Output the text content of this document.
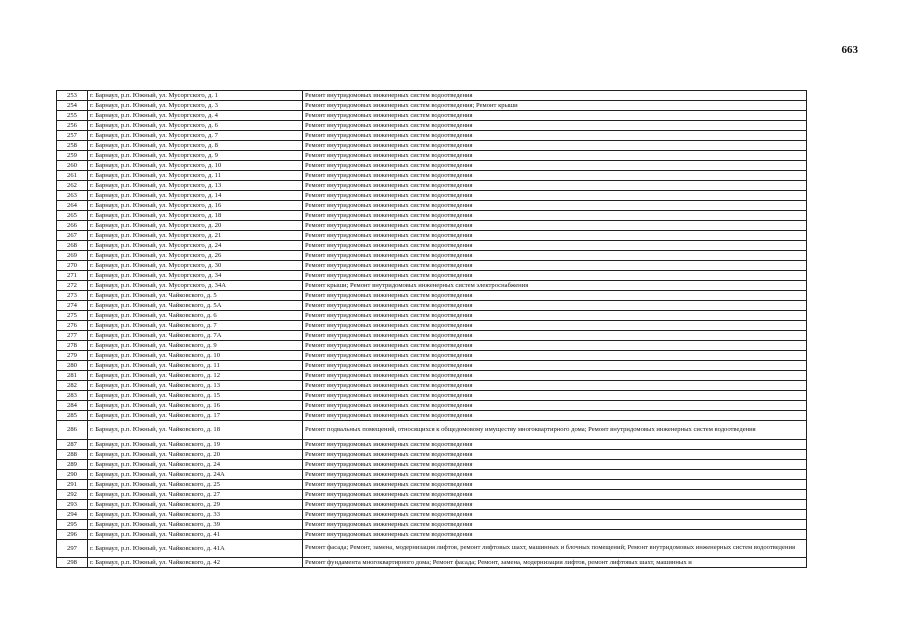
663
253	г. Барнаул, р.п. Южный, ул. Мусоргского, д. 1	Ремонт внутридомовых инженерных систем водоотведения
254	г. Барнаул, р.п. Южный, ул. Мусоргского, д. 3	Ремонт внутридомовых инженерных систем водоотведения; Ремонт крыши
255	г. Барнаул, р.п. Южный, ул. Мусоргского, д. 4	Ремонт внутридомовых инженерных систем водоотведения
256	г. Барнаул, р.п. Южный, ул. Мусоргского, д. 6	Ремонт внутридомовых инженерных систем водоотведения
257	г. Барнаул, р.п. Южный, ул. Мусоргского, д. 7	Ремонт внутридомовых инженерных систем водоотведения
258	г. Барнаул, р.п. Южный, ул. Мусоргского, д. 8	Ремонт внутридомовых инженерных систем водоотведения
259	г. Барнаул, р.п. Южный, ул. Мусоргского, д. 9	Ремонт внутридомовых инженерных систем водоотведения
260	г. Барнаул, р.п. Южный, ул. Мусоргского, д. 10	Ремонт внутридомовых инженерных систем водоотведения
261	г. Барнаул, р.п. Южный, ул. Мусоргского, д. 11	Ремонт внутридомовых инженерных систем водоотведения
262	г. Барнаул, р.п. Южный, ул. Мусоргского, д. 13	Ремонт внутридомовых инженерных систем водоотведения
263	г. Барнаул, р.п. Южный, ул. Мусоргского, д. 14	Ремонт внутридомовых инженерных систем водоотведения
264	г. Барнаул, р.п. Южный, ул. Мусоргского, д. 16	Ремонт внутридомовых инженерных систем водоотведения
265	г. Барнаул, р.п. Южный, ул. Мусоргского, д. 18	Ремонт внутридомовых инженерных систем водоотведения
266	г. Барнаул, р.п. Южный, ул. Мусоргского, д. 20	Ремонт внутридомовых инженерных систем водоотведения
267	г. Барнаул, р.п. Южный, ул. Мусоргского, д. 21	Ремонт внутридомовых инженерных систем водоотведения
268	г. Барнаул, р.п. Южный, ул. Мусоргского, д. 24	Ремонт внутридомовых инженерных систем водоотведения
269	г. Барнаул, р.п. Южный, ул. Мусоргского, д. 26	Ремонт внутридомовых инженерных систем водоотведения
270	г. Барнаул, р.п. Южный, ул. Мусоргского, д. 30	Ремонт внутридомовых инженерных систем водоотведения
271	г. Барнаул, р.п. Южный, ул. Мусоргского, д. 34	Ремонт внутридомовых инженерных систем водоотведения
272	г. Барнаул, р.п. Южный, ул. Мусоргского, д. 34А	Ремонт крыши; Ремонт внутридомовых инженерных систем электроснабжения
273	г. Барнаул, р.п. Южный, ул. Чайковского, д. 5	Ремонт внутридомовых инженерных систем водоотведения
274	г. Барнаул, р.п. Южный, ул. Чайковского, д. 5А	Ремонт внутридомовых инженерных систем водоотведения
275	г. Барнаул, р.п. Южный, ул. Чайковского, д. 6	Ремонт внутридомовых инженерных систем водоотведения
276	г. Барнаул, р.п. Южный, ул. Чайковского, д. 7	Ремонт внутридомовых инженерных систем водоотведения
277	г. Барнаул, р.п. Южный, ул. Чайковского, д. 7А	Ремонт внутридомовых инженерных систем водоотведения
278	г. Барнаул, р.п. Южный, ул. Чайковского, д. 9	Ремонт внутридомовых инженерных систем водоотведения
279	г. Барнаул, р.п. Южный, ул. Чайковского, д. 10	Ремонт внутридомовых инженерных систем водоотведения
280	г. Барнаул, р.п. Южный, ул. Чайковского, д. 11	Ремонт внутридомовых инженерных систем водоотведения
281	г. Барнаул, р.п. Южный, ул. Чайковского, д. 12	Ремонт внутридомовых инженерных систем водоотведения
282	г. Барнаул, р.п. Южный, ул. Чайковского, д. 13	Ремонт внутридомовых инженерных систем водоотведения
283	г. Барнаул, р.п. Южный, ул. Чайковского, д. 15	Ремонт внутридомовых инженерных систем водоотведения
284	г. Барнаул, р.п. Южный, ул. Чайковского, д. 16	Ремонт внутридомовых инженерных систем водоотведения
285	г. Барнаул, р.п. Южный, ул. Чайковского, д. 17	Ремонт внутридомовых инженерных систем водоотведения
286	г. Барнаул, р.п. Южный, ул. Чайковского, д. 18	Ремонт подвальных помещений, относящихся к общедомовому имуществу многоквартирного дома; Ремонт внутридомовых инженерных систем водоотведения
287	г. Барнаул, р.п. Южный, ул. Чайковского, д. 19	Ремонт внутридомовых инженерных систем водоотведения
288	г. Барнаул, р.п. Южный, ул. Чайковского, д. 20	Ремонт внутридомовых инженерных систем водоотведения
289	г. Барнаул, р.п. Южный, ул. Чайковского, д. 24	Ремонт внутридомовых инженерных систем водоотведения
290	г. Барнаул, р.п. Южный, ул. Чайковского, д. 24А	Ремонт внутридомовых инженерных систем водоотведения
291	г. Барнаул, р.п. Южный, ул. Чайковского, д. 25	Ремонт внутридомовых инженерных систем водоотведения
292	г. Барнаул, р.п. Южный, ул. Чайковского, д. 27	Ремонт внутридомовых инженерных систем водоотведения
293	г. Барнаул, р.п. Южный, ул. Чайковского, д. 29	Ремонт внутридомовых инженерных систем водоотведения
294	г. Барнаул, р.п. Южный, ул. Чайковского, д. 33	Ремонт внутридомовых инженерных систем водоотведения
295	г. Барнаул, р.п. Южный, ул. Чайковского, д. 39	Ремонт внутридомовых инженерных систем водоотведения
296	г. Барнаул, р.п. Южный, ул. Чайковского, д. 41	Ремонт внутридомовых инженерных систем водоотведения
297	г. Барнаул, р.п. Южный, ул. Чайковского, д. 41А	Ремонт фасада; Ремонт, замена, модернизация лифтов, ремонт лифтовых шахт, машинных и блочных помещений; Ремонт внутридомовых инженерных систем водоотведения
298	г. Барнаул, р.п. Южный, ул. Чайковского, д. 42	Ремонт фундамента многоквартирного дома; Ремонт фасада; Ремонт, замена, модернизация лифтов, ремонт лифтовых шахт, машинных и
